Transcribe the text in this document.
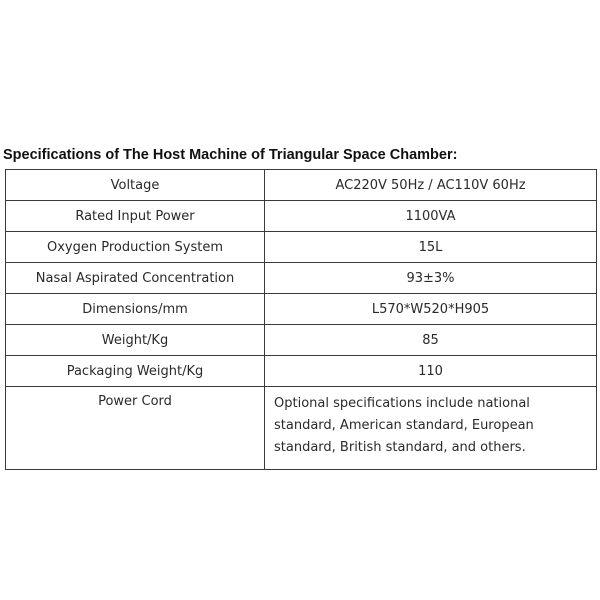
Specifications of The Host Machine of Triangular Space Chamber:
Voltage	AC220V 50Hz / AC110V 60Hz
Rated Input Power	1100VA
Oxygen Production System	15L
Nasal Aspirated Concentration	93±3%
Dimensions/mm	L570*W520*H905
Weight/Kg	85
Packaging Weight/Kg	110
Power Cord	Optional specifications include national standard, American standard, European standard, British standard, and others.
